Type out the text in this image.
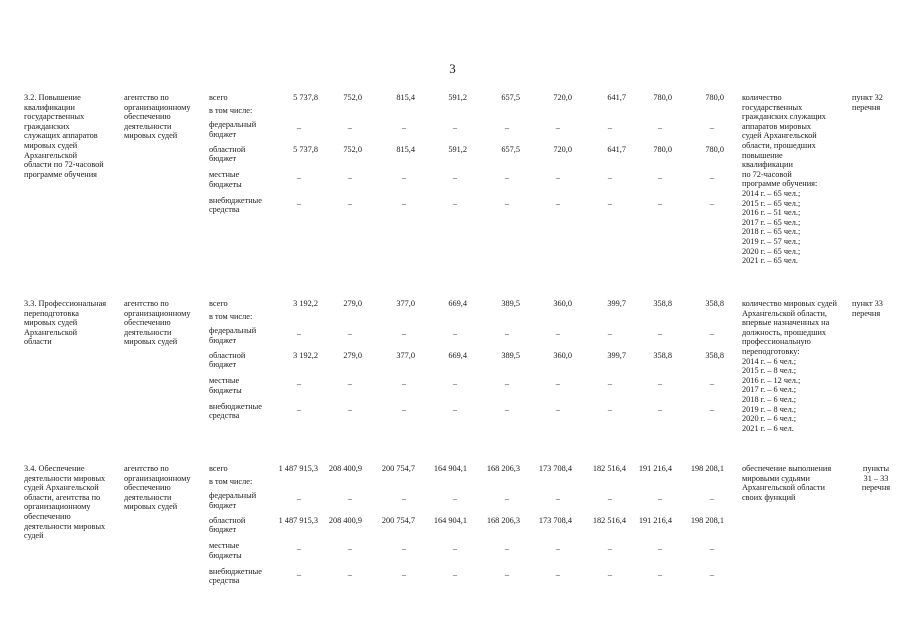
3
3.2. Повышение
квалификации
государственных
гражданских
служащих аппаратов
мировых судей
Архангельской
области по 72-часовой
программе обучения
агентство по
организационному
обеспечению
деятельности
мировых судей
всего	5 737,8	752,0	815,4	591,2	657,5	720,0	641,7	780,0	780,0
в том числе:
федеральный
бюджет
–	–	–	–	–	–	–	–	–
областной
бюджет
5 737,8	752,0	815,4	591,2	657,5	720,0	641,7	780,0	780,0
местные
бюджеты
–	–	–	–	–	–	–	–	–
внебюджетные
средства
–	–	–	–	–	–	–	–	–
количество
государственных
гражданских служащих
аппаратов мировых
судей Архангельской
области, прошедших
повышение
квалификации
по 72-часовой
программе обучения:
2014 г. – 65 чел.;
2015 г. – 65 чел.;
2016 г. – 51 чел.;
2017 г. – 65 чел.;
2018 г. – 65 чел.;
2019 г. – 57 чел.;
2020 г. – 65 чел.;
2021 г. – 65 чел.
пункт 32
перечня
3.3. Профессиональная
переподготовка
мировых судей
Архангельской
области
агентство по
организационному
обеспечению
деятельности
мировых судей
всего	3 192,2	279,0	377,0	669,4	389,5	360,0	399,7	358,8	358,8
в том числе:
федеральный
бюджет
–	–	–	–	–	–	–	–	–
областной
бюджет
3 192,2	279,0	377,0	669,4	389,5	360,0	399,7	358,8	358,8
местные
бюджеты
–	–	–	–	–	–	–	–	–
внебюджетные
средства
–	–	–	–	–	–	–	–	–
количество мировых судей
Архангельской области,
впервые назначенных на
должность, прошедших
профессиональную
переподготовку:
2014 г. – 6 чел.;
2015 г. – 8 чел.;
2016 г. – 12 чел.;
2017 г. – 6 чел.;
2018 г. – 6 чел.;
2019 г. – 8 чел.;
2020 г. – 6 чел.;
2021 г. – 6 чел.
пункт 33
перечня
3.4. Обеспечение
деятельности мировых
судей Архангельской
области, агентства по
организационному
обеспечению
деятельности мировых
судей
агентство по
организационному
обеспечению
деятельности
мировых судей
всего	1 487 915,3	208 400,9	200 754,7	164 904,1	168 206,3	173 708,4	182 516,4	191 216,4	198 208,1
в том числе:
федеральный
бюджет
–	–	–	–	–	–	–	–	–
областной
бюджет
1 487 915,3	208 400,9	200 754,7	164 904,1	168 206,3	173 708,4	182 516,4	191 216,4	198 208,1
местные
бюджеты
–	–	–	–	–	–	–	–	–
внебюджетные
средства
–	–	–	–	–	–	–	–	–
обеспечение выполнения
мировыми судьями
Архангельской области
своих функций
пункты
31 – 33
перечня
